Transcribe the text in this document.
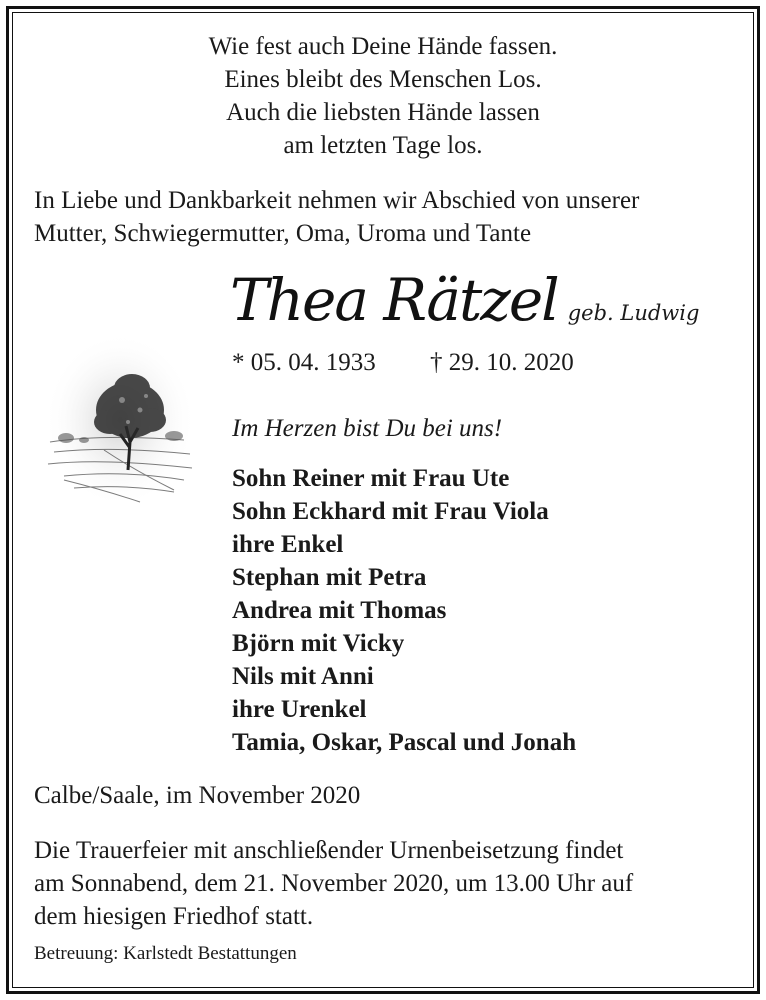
Wie fest auch Deine Hände fassen.
Eines bleibt des Menschen Los.
Auch die liebsten Hände lassen
am letzten Tage los.
In Liebe und Dankbarkeit nehmen wir Abschied von unserer
Mutter, Schwiegermutter, Oma, Uroma und Tante
Thea Rätzel geb. Ludwig
* 05. 04. 1933 † 29. 10. 2020
Im Herzen bist Du bei uns!
Sohn Reiner mit Frau Ute
Sohn Eckhard mit Frau Viola
ihre Enkel
Stephan mit Petra
Andrea mit Thomas
Björn mit Vicky
Nils mit Anni
ihre Urenkel
Tamia, Oskar, Pascal und Jonah
Calbe/Saale, im November 2020
Die Trauerfeier mit anschließender Urnenbeisetzung findet
am Sonnabend, dem 21. November 2020, um 13.00 Uhr auf
dem hiesigen Friedhof statt.
Betreuung: Karlstedt Bestattungen
